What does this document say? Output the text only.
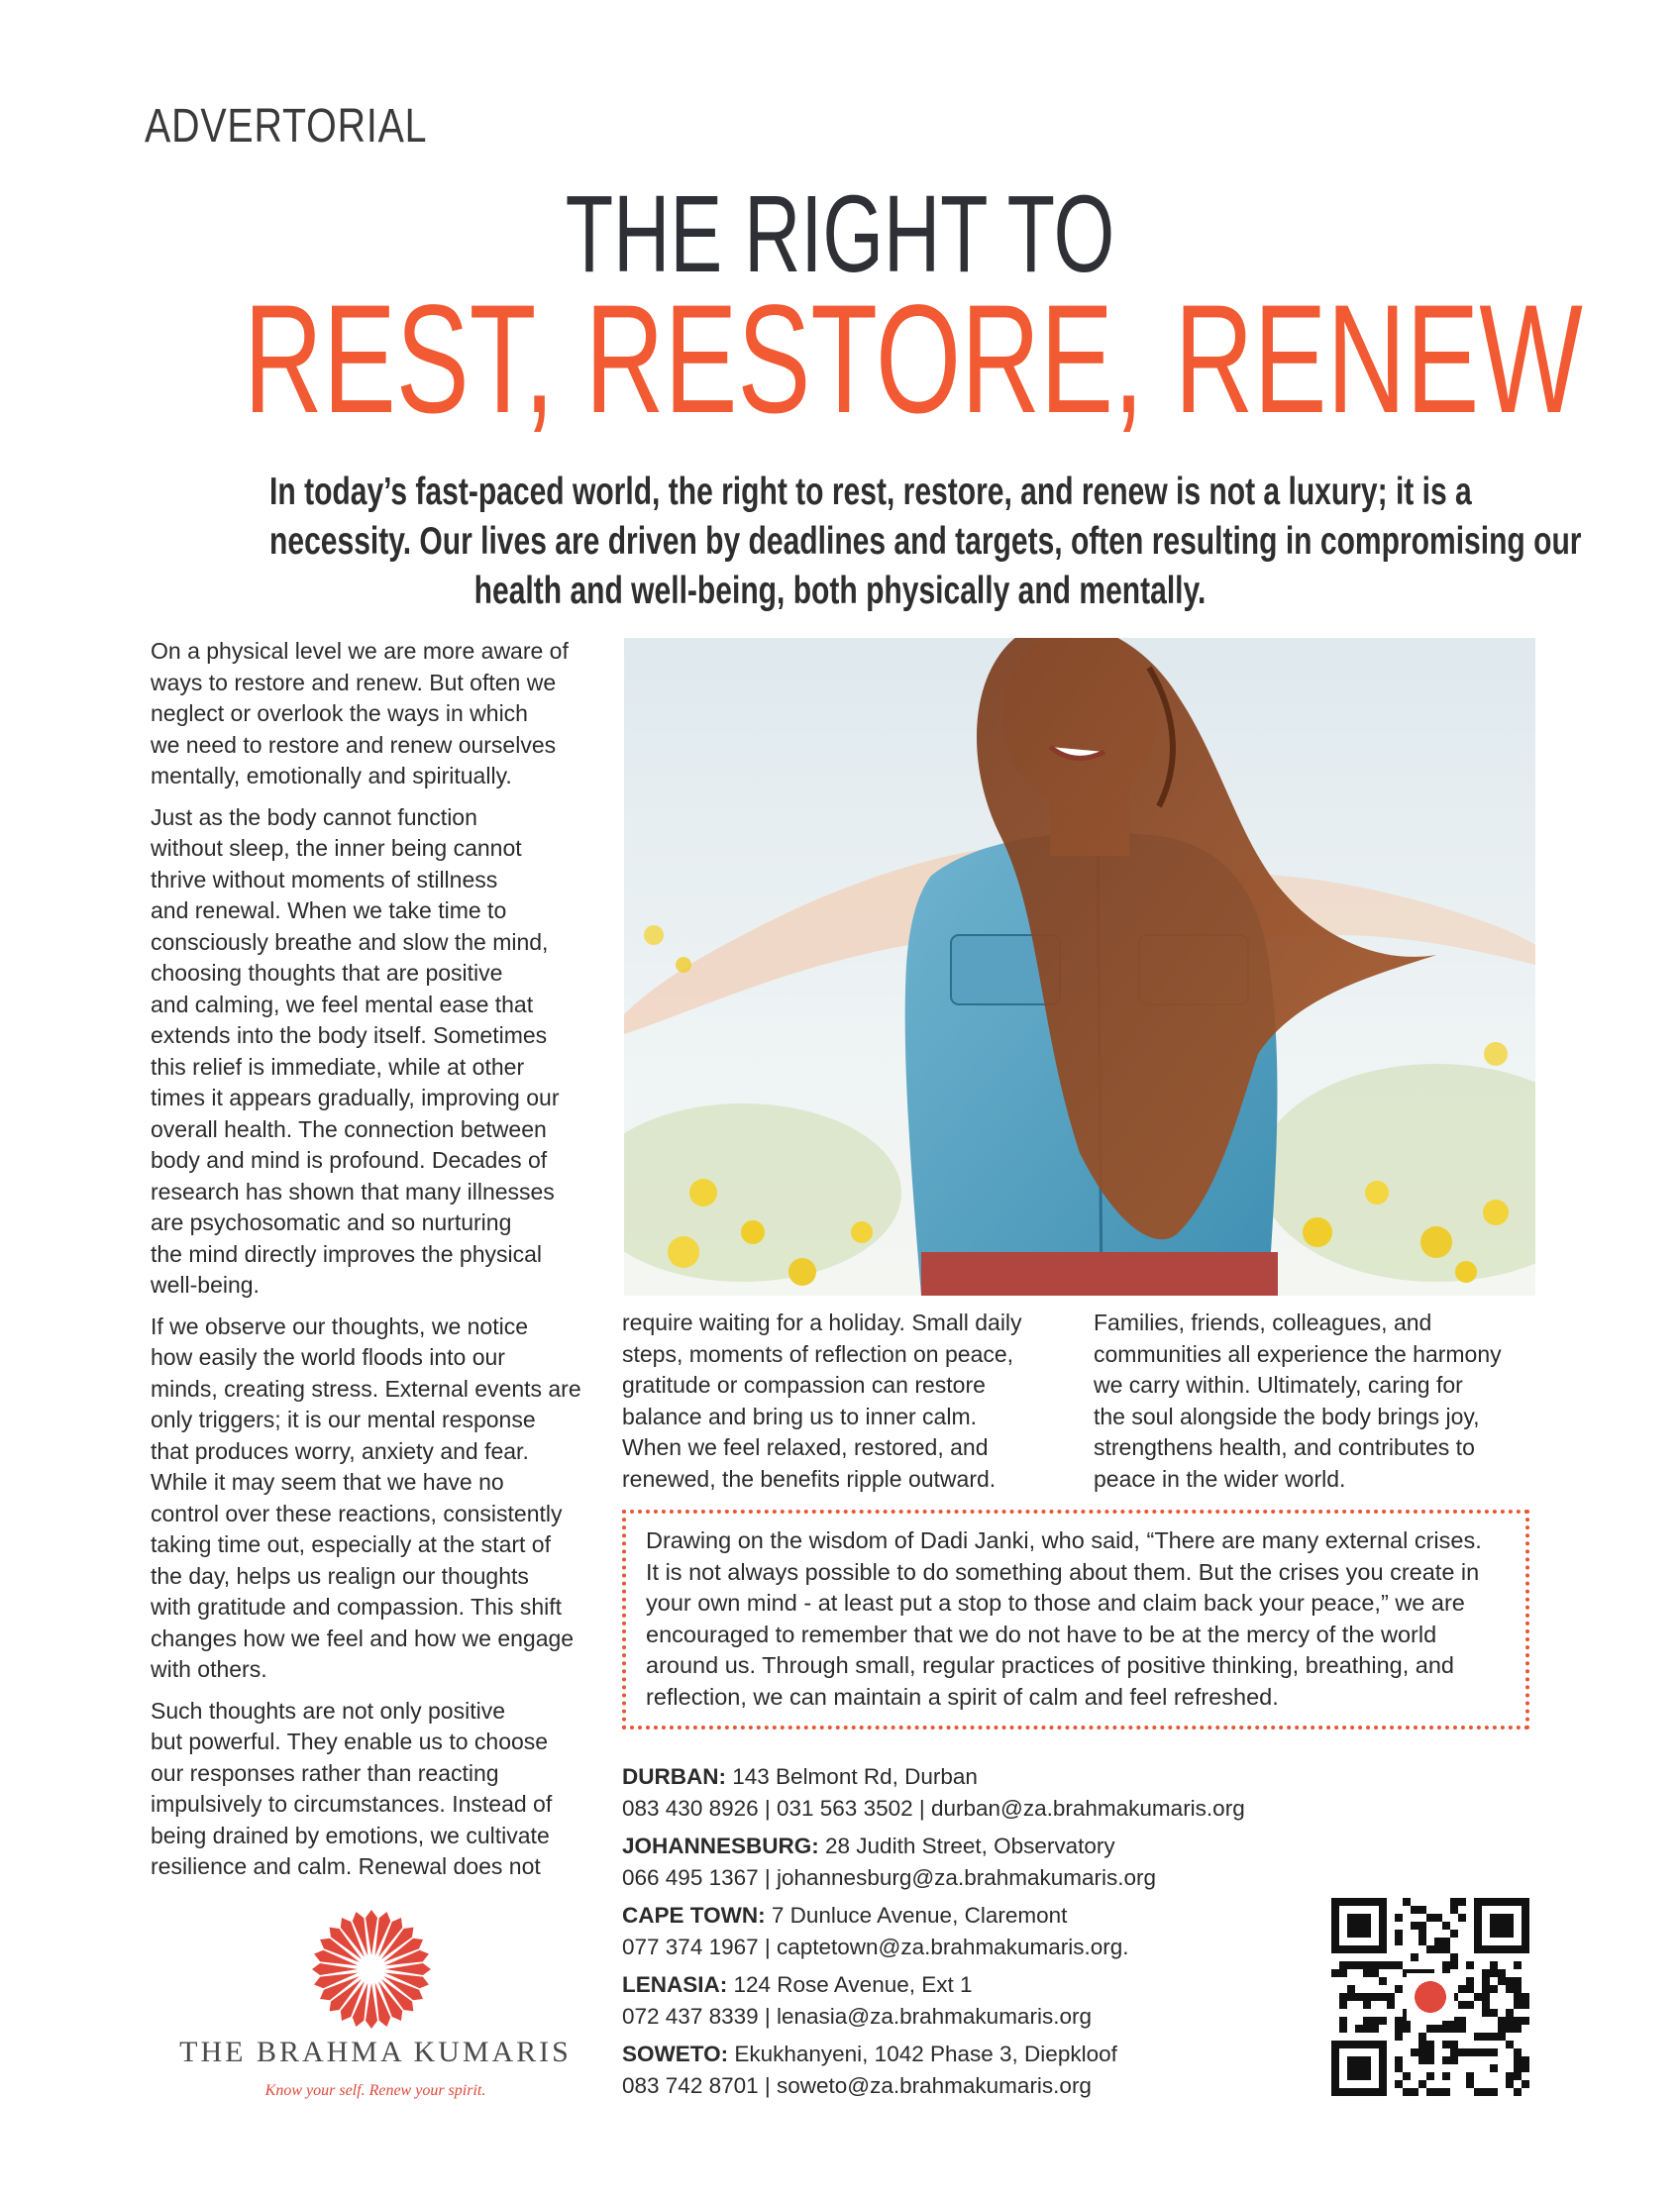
ADVERTORIAL
THE RIGHT TO
REST, RESTORE, RENEW
In today’s fast-paced world, the right to rest, restore, and renew is not a luxury; it is a
necessity. Our lives are driven by deadlines and targets, often resulting in compromising our
health and well-being, both physically and mentally.

On a physical level we are more aware of
ways to restore and renew. But often we
neglect or overlook the ways in which
we need to restore and renew ourselves
mentally, emotionally and spiritually.

Just as the body cannot function
without sleep, the inner being cannot
thrive without moments of stillness
and renewal. When we take time to
consciously breathe and slow the mind,
choosing thoughts that are positive
and calming, we feel mental ease that
extends into the body itself. Sometimes
this relief is immediate, while at other
times it appears gradually, improving our
overall health. The connection between
body and mind is profound. Decades of
research has shown that many illnesses
are psychosomatic and so nurturing
the mind directly improves the physical
well-being.

If we observe our thoughts, we notice
how easily the world floods into our
minds, creating stress. External events are
only triggers; it is our mental response
that produces worry, anxiety and fear.
While it may seem that we have no
control over these reactions, consistently
taking time out, especially at the start of
the day, helps us realign our thoughts
with gratitude and compassion. This shift
changes how we feel and how we engage
with others.

Such thoughts are not only positive
but powerful. They enable us to choose
our responses rather than reacting
impulsively to circumstances. Instead of
being drained by emotions, we cultivate
resilience and calm. Renewal does not

require waiting for a holiday. Small daily
steps, moments of reflection on peace,
gratitude or compassion can restore
balance and bring us to inner calm.
When we feel relaxed, restored, and
renewed, the benefits ripple outward.
Families, friends, colleagues, and
communities all experience the harmony
we carry within. Ultimately, caring for
the soul alongside the body brings joy,
strengthens health, and contributes to
peace in the wider world.
Drawing on the wisdom of Dadi Janki, who said, “There are many external crises.
It is not always possible to do something about them. But the crises you create in
your own mind - at least put a stop to those and claim back your peace,” we are
encouraged to remember that we do not have to be at the mercy of the world
around us. Through small, regular practices of positive thinking, breathing, and
reflection, we can maintain a spirit of calm and feel refreshed.
DURBAN: 143 Belmont Rd, Durban
083 430 8926 | 031 563 3502 | durban@za.brahmakumaris.org
JOHANNESBURG: 28 Judith Street, Observatory
066 495 1367 | johannesburg@za.brahmakumaris.org
CAPE TOWN: 7 Dunluce Avenue, Claremont
077 374 1967 | captetown@za.brahmakumaris.org.
LENASIA: 124 Rose Avenue, Ext 1
072 437 8339 | lenasia@za.brahmakumaris.org
SOWETO: Ekukhanyeni, 1042 Phase 3, Diepkloof
083 742 8701 | soweto@za.brahmakumaris.org
THE BRAHMA KUMARIS
Know your self. Renew your spirit.
